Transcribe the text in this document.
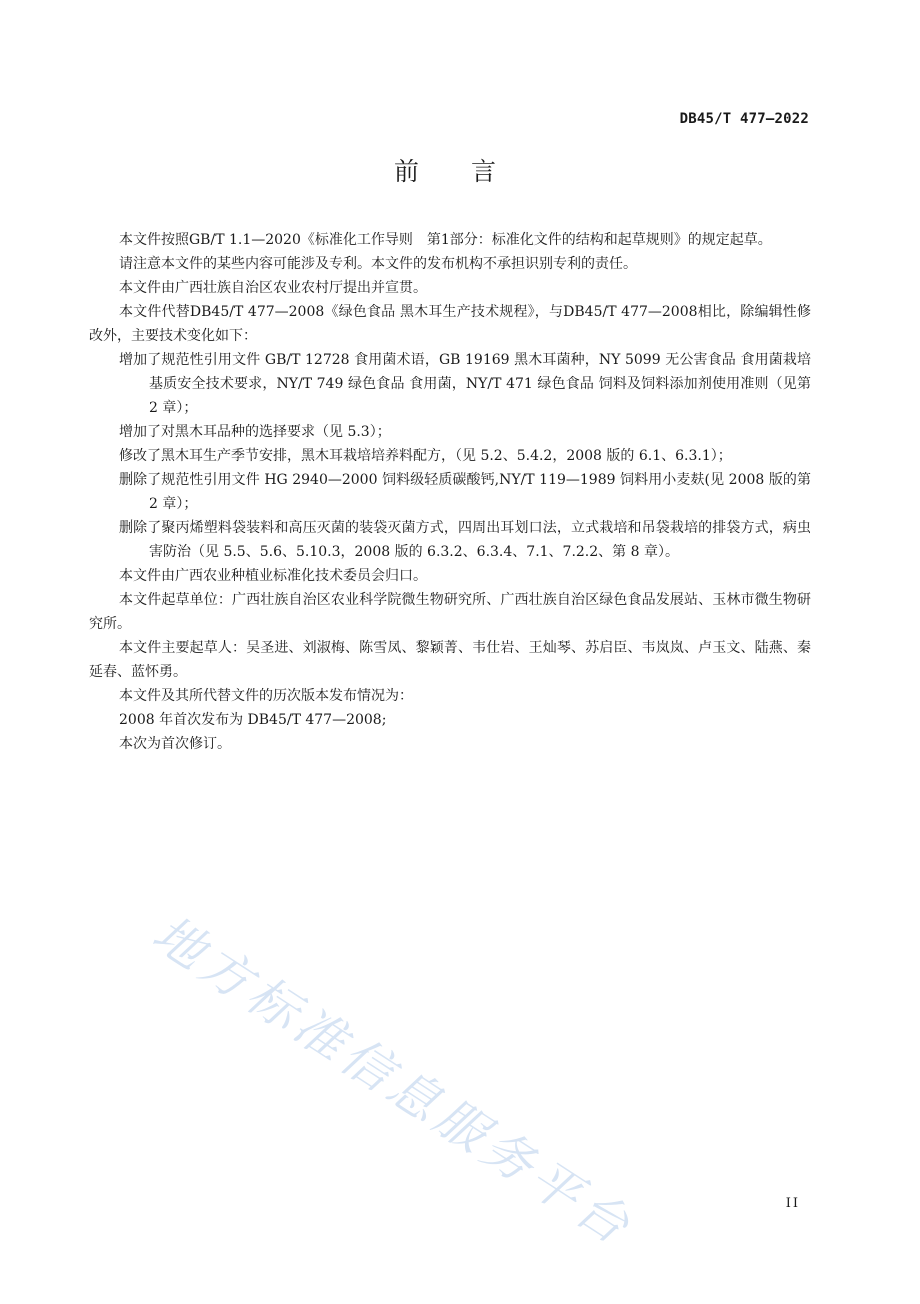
DB45/T 477—2022
前言

本文件按照GB/T 1.1—2020《标准化工作导则　第1部分：标准化文件的结构和起草规则》的规定起草。

请注意本文件的某些内容可能涉及专利。本文件的发布机构不承担识别专利的责任。

本文件由广西壮族自治区农业农村厅提出并宣贯。

本文件代替DB45/T 477—2008《绿色食品 黑木耳生产技术规程》，与DB45/T 477—2008相比，除编辑性修改外，主要技术变化如下：

增加了规范性引用文件 GB/T 12728 食用菌术语，GB 19169 黑木耳菌种，NY 5099 无公害食品 食用菌栽培基质安全技术要求，NY/T 749 绿色食品 食用菌，NY/T 471 绿色食品 饲料及饲料添加剂使用准则（见第 2 章）；

增加了对黑木耳品种的选择要求（见 5.3）；

修改了黑木耳生产季节安排，黑木耳栽培培养料配方，（见 5.2、5.4.2，2008 版的 6.1、6.3.1）；

删除了规范性引用文件 HG 2940—2000 饲料级轻质碳酸钙,NY/T 119—1989 饲料用小麦麸(见 2008 版的第 2 章）；

删除了聚丙烯塑料袋装料和高压灭菌的装袋灭菌方式，四周出耳划口法，立式栽培和吊袋栽培的排袋方式，病虫害防治（见 5.5、5.6、5.10.3，2008 版的 6.3.2、6.3.4、7.1、7.2.2、第 8 章）。

本文件由广西农业种植业标准化技术委员会归口。

本文件起草单位：广西壮族自治区农业科学院微生物研究所、广西壮族自治区绿色食品发展站、玉林市微生物研究所。

本文件主要起草人：吴圣进、刘淑梅、陈雪凤、黎颖菁、韦仕岩、王灿琴、苏启臣、韦岚岚、卢玉文、陆燕、秦延春、蓝怀勇。

本文件及其所代替文件的历次版本发布情况为：

2008 年首次发布为 DB45/T 477—2008;

本次为首次修订。

地方标准信息服务平台	II
